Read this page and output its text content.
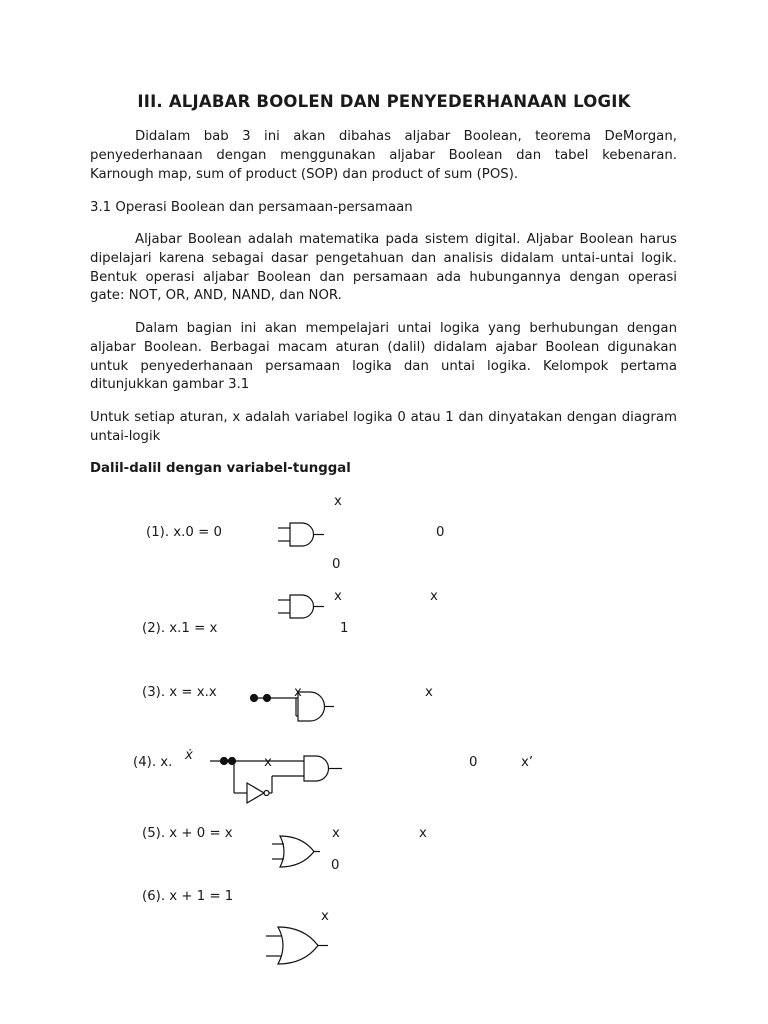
III. ALJABAR BOOLEN DAN PENYEDERHANAAN LOGIK

Didalam bab 3 ini akan dibahas aljabar Boolean, teorema DeMorgan, penyederhanaan dengan menggunakan aljabar Boolean dan tabel kebenaran. Karnough map, sum of product (SOP) dan product of sum (POS).

3.1 Operasi Boolean dan persamaan-persamaan

Aljabar Boolean adalah matematika pada sistem digital. Aljabar Boolean harus dipelajari karena sebagai dasar pengetahuan dan analisis didalam untai-untai logik. Bentuk operasi aljabar Boolean dan persamaan ada hubungannya dengan operasi gate: NOT, OR, AND, NAND, dan NOR.

Dalam bagian ini akan mempelajari untai logika yang berhubungan dengan aljabar Boolean. Berbagai macam aturan (dalil) didalam ajabar Boolean digunakan untuk penyederhanaan persamaan logika dan untai logika. Kelompok pertama ditunjukkan gambar 3.1

Untuk setiap aturan, x adalah variabel logika 0 atau 1 dan dinyatakan dengan diagram untai-logik

Dalil-dalil dengan variabel-tunggal

(1). x.0 = 0
x
0
0
(2). x.1 = x
x
1
x
(3). x = x.x	x	x
(4). x. ẋ	x	0	x’
(5). x + 0 = x	x
0
x
(6). x + 1 = 1
x
